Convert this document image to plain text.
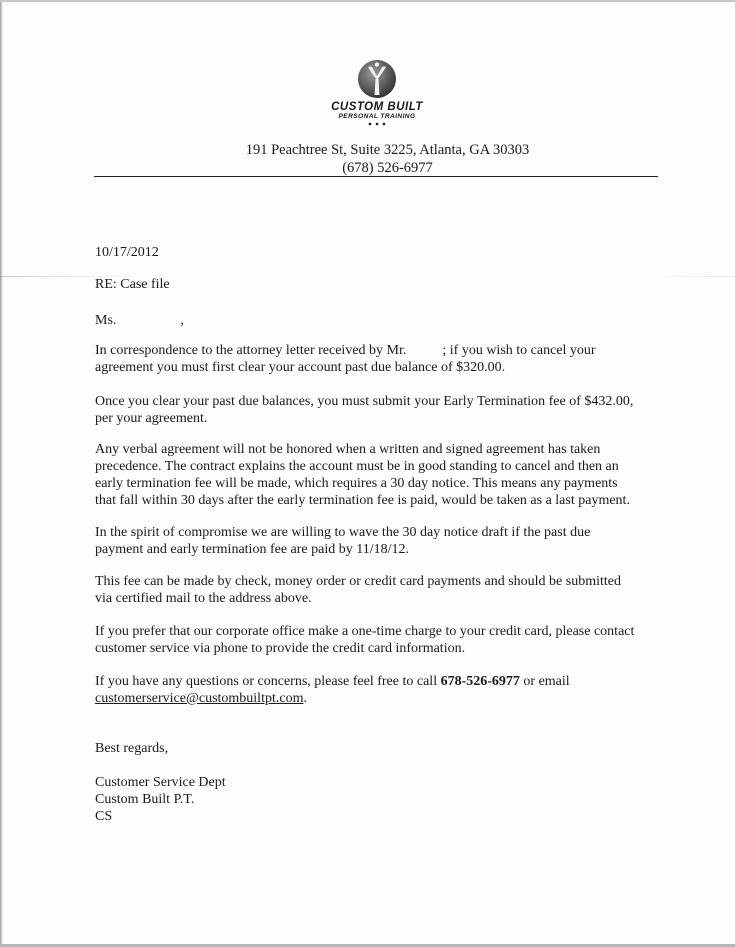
CUSTOM BUILT
PERSONAL TRAINING
191 Peachtree St, Suite 3225, Atlanta, GA 30303
(678) 526-6977
10/17/2012
RE: Case file
Ms.	,
In correspondence to the attorney letter received by Mr.	; if you wish to cancel your
agreement you must first clear your account past due balance of $320.00.
Once you clear your past due balances, you must submit your Early Termination fee of $432.00,
per your agreement.
Any verbal agreement will not be honored when a written and signed agreement has taken
precedence. The contract explains the account must be in good standing to cancel and then an
early termination fee will be made, which requires a 30 day notice. This means any payments
that fall within 30 days after the early termination fee is paid, would be taken as a last payment.
In the spirit of compromise we are willing to wave the 30 day notice draft if the past due
payment and early termination fee are paid by 11/18/12.
This fee can be made by check, money order or credit card payments and should be submitted
via certified mail to the address above.
If you prefer that our corporate office make a one-time charge to your credit card, please contact
customer service via phone to provide the credit card information.
If you have any questions or concerns, please feel free to call 678-526-6977 or email
customerservice@custombuiltpt.com.
Best regards,
Customer Service Dept
Custom Built P.T.
CS
